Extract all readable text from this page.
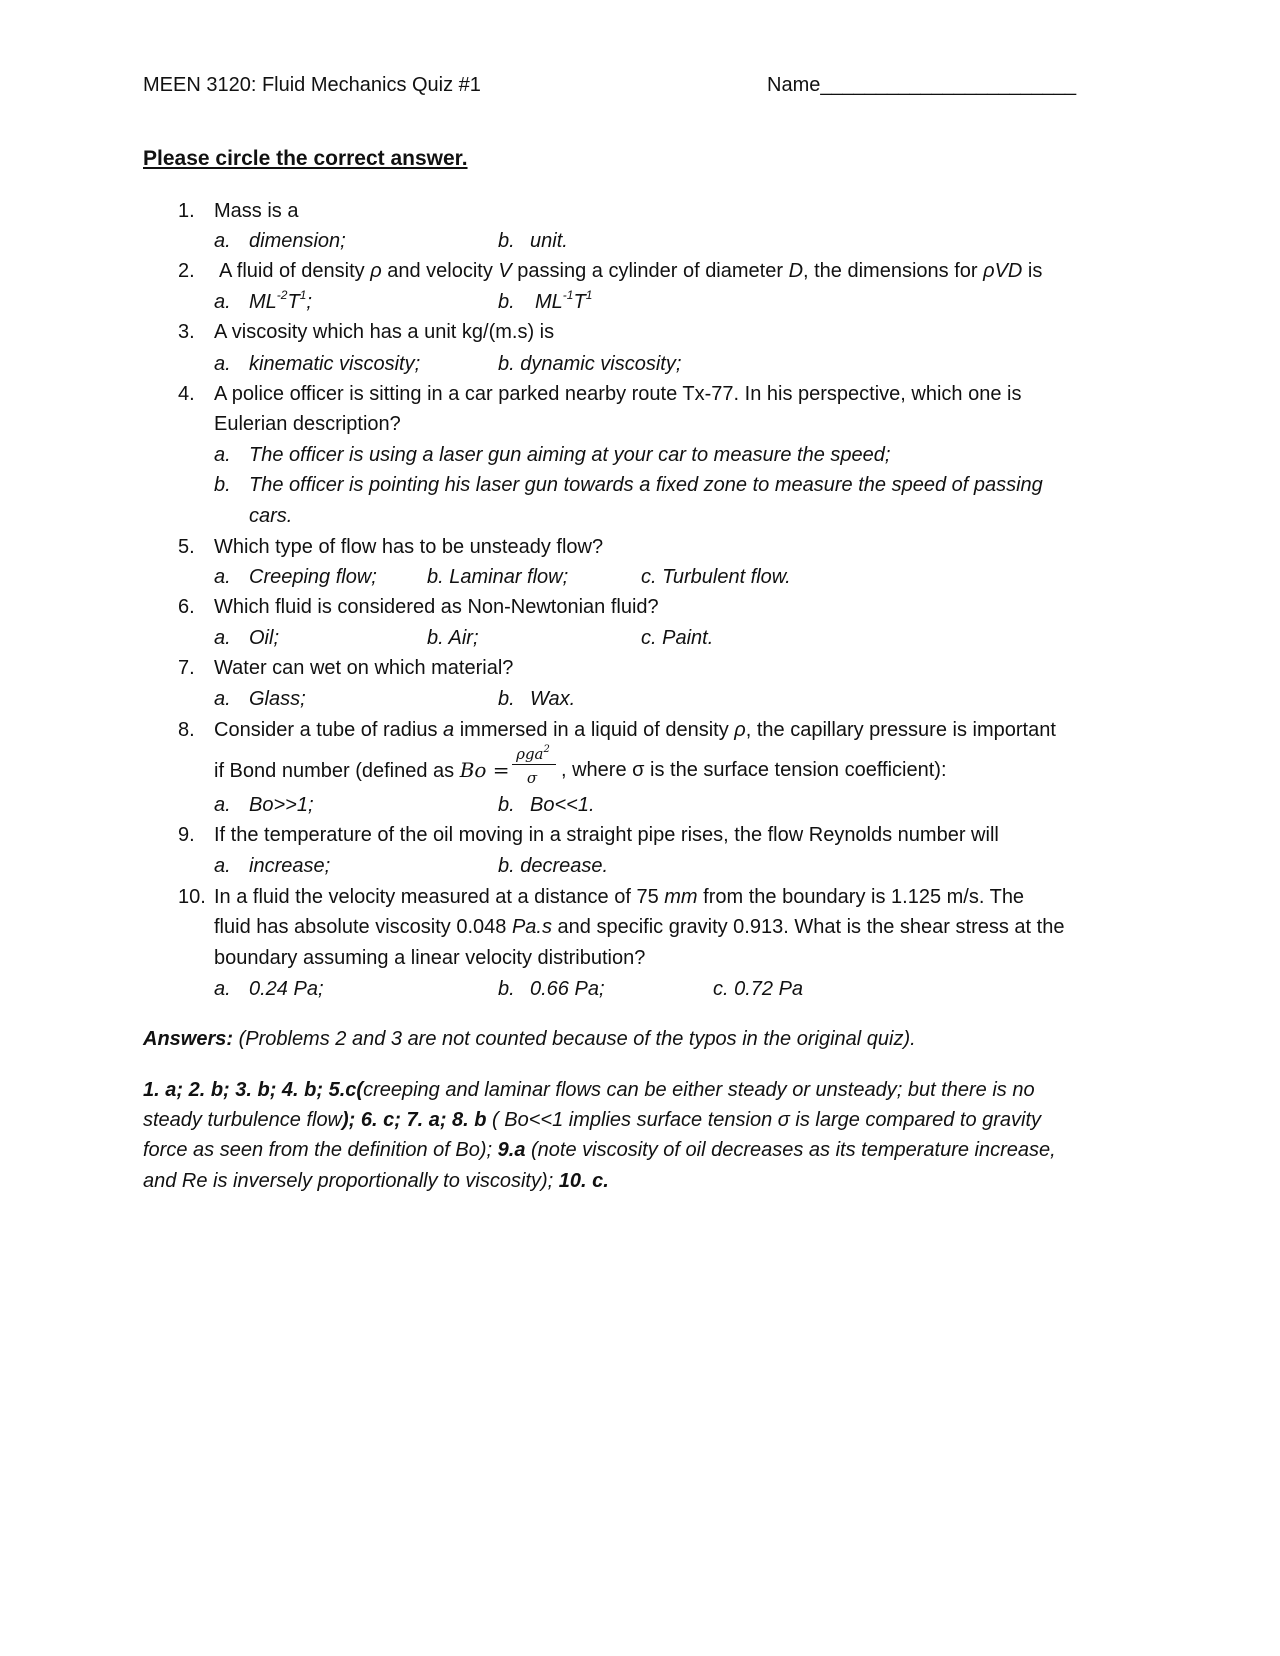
MEEN 3120: Fluid Mechanics Quiz #1	Name_______________________
Please circle the correct answer.
1. Mass is a
a. dimension;	b. unit.
2. A fluid of density ρ and velocity V passing a cylinder of diameter D, the dimensions for ρVD is
a. $ML^{-2}T^1$;	b. $ML^{-1}T^1$
3. A viscosity which has a unit kg/(m.s) is
a. kinematic viscosity;	b. dynamic viscosity;
4. A police officer is sitting in a car parked nearby route Tx-77. In his perspective, which one is
Eulerian description?
a. The officer is using a laser gun aiming at your car to measure the speed;
b. The officer is pointing his laser gun towards a fixed zone to measure the speed of passing
cars.
5. Which type of flow has to be unsteady flow?
a. Creeping flow;	b. Laminar flow;	c. Turbulent flow.
6. Which fluid is considered as Non-Newtonian fluid?
a. Oil;	b. Air;	c. Paint.
7. Water can wet on which material?
a. Glass;	b. Wax.
8. Consider a tube of radius a immersed in a liquid of density ρ, the capillary pressure is important
if Bond number (defined as Bo =
ρga$^2$
σ	, where σ is the surface tension coefficient):
a. Bo>>1;	b. Bo<<1.
9. If the temperature of the oil moving in a straight pipe rises, the flow Reynolds number will
a. increase;	b. decrease.
10. In a fluid the velocity measured at a distance of 75 mm from the boundary is 1.125 m/s. The
fluid has absolute viscosity 0.048 Pa.s and specific gravity 0.913. What is the shear stress at the
boundary assuming a linear velocity distribution?
a. 0.24 Pa;	b. 0.66 Pa;	c. 0.72 Pa
Answers: (Problems 2 and 3 are not counted because of the typos in the original quiz).
1. a; 2. b; 3. b; 4. b; 5.c(creeping and laminar flows can be either steady or unsteady; but there is no
steady turbulence flow); 6. c; 7. a; 8. b ( Bo<<1 implies surface tension σ is large compared to gravity
force as seen from the definition of Bo); 9.a (note viscosity of oil decreases as its temperature increase,
and Re is inversely proportionally to viscosity); 10. c.
